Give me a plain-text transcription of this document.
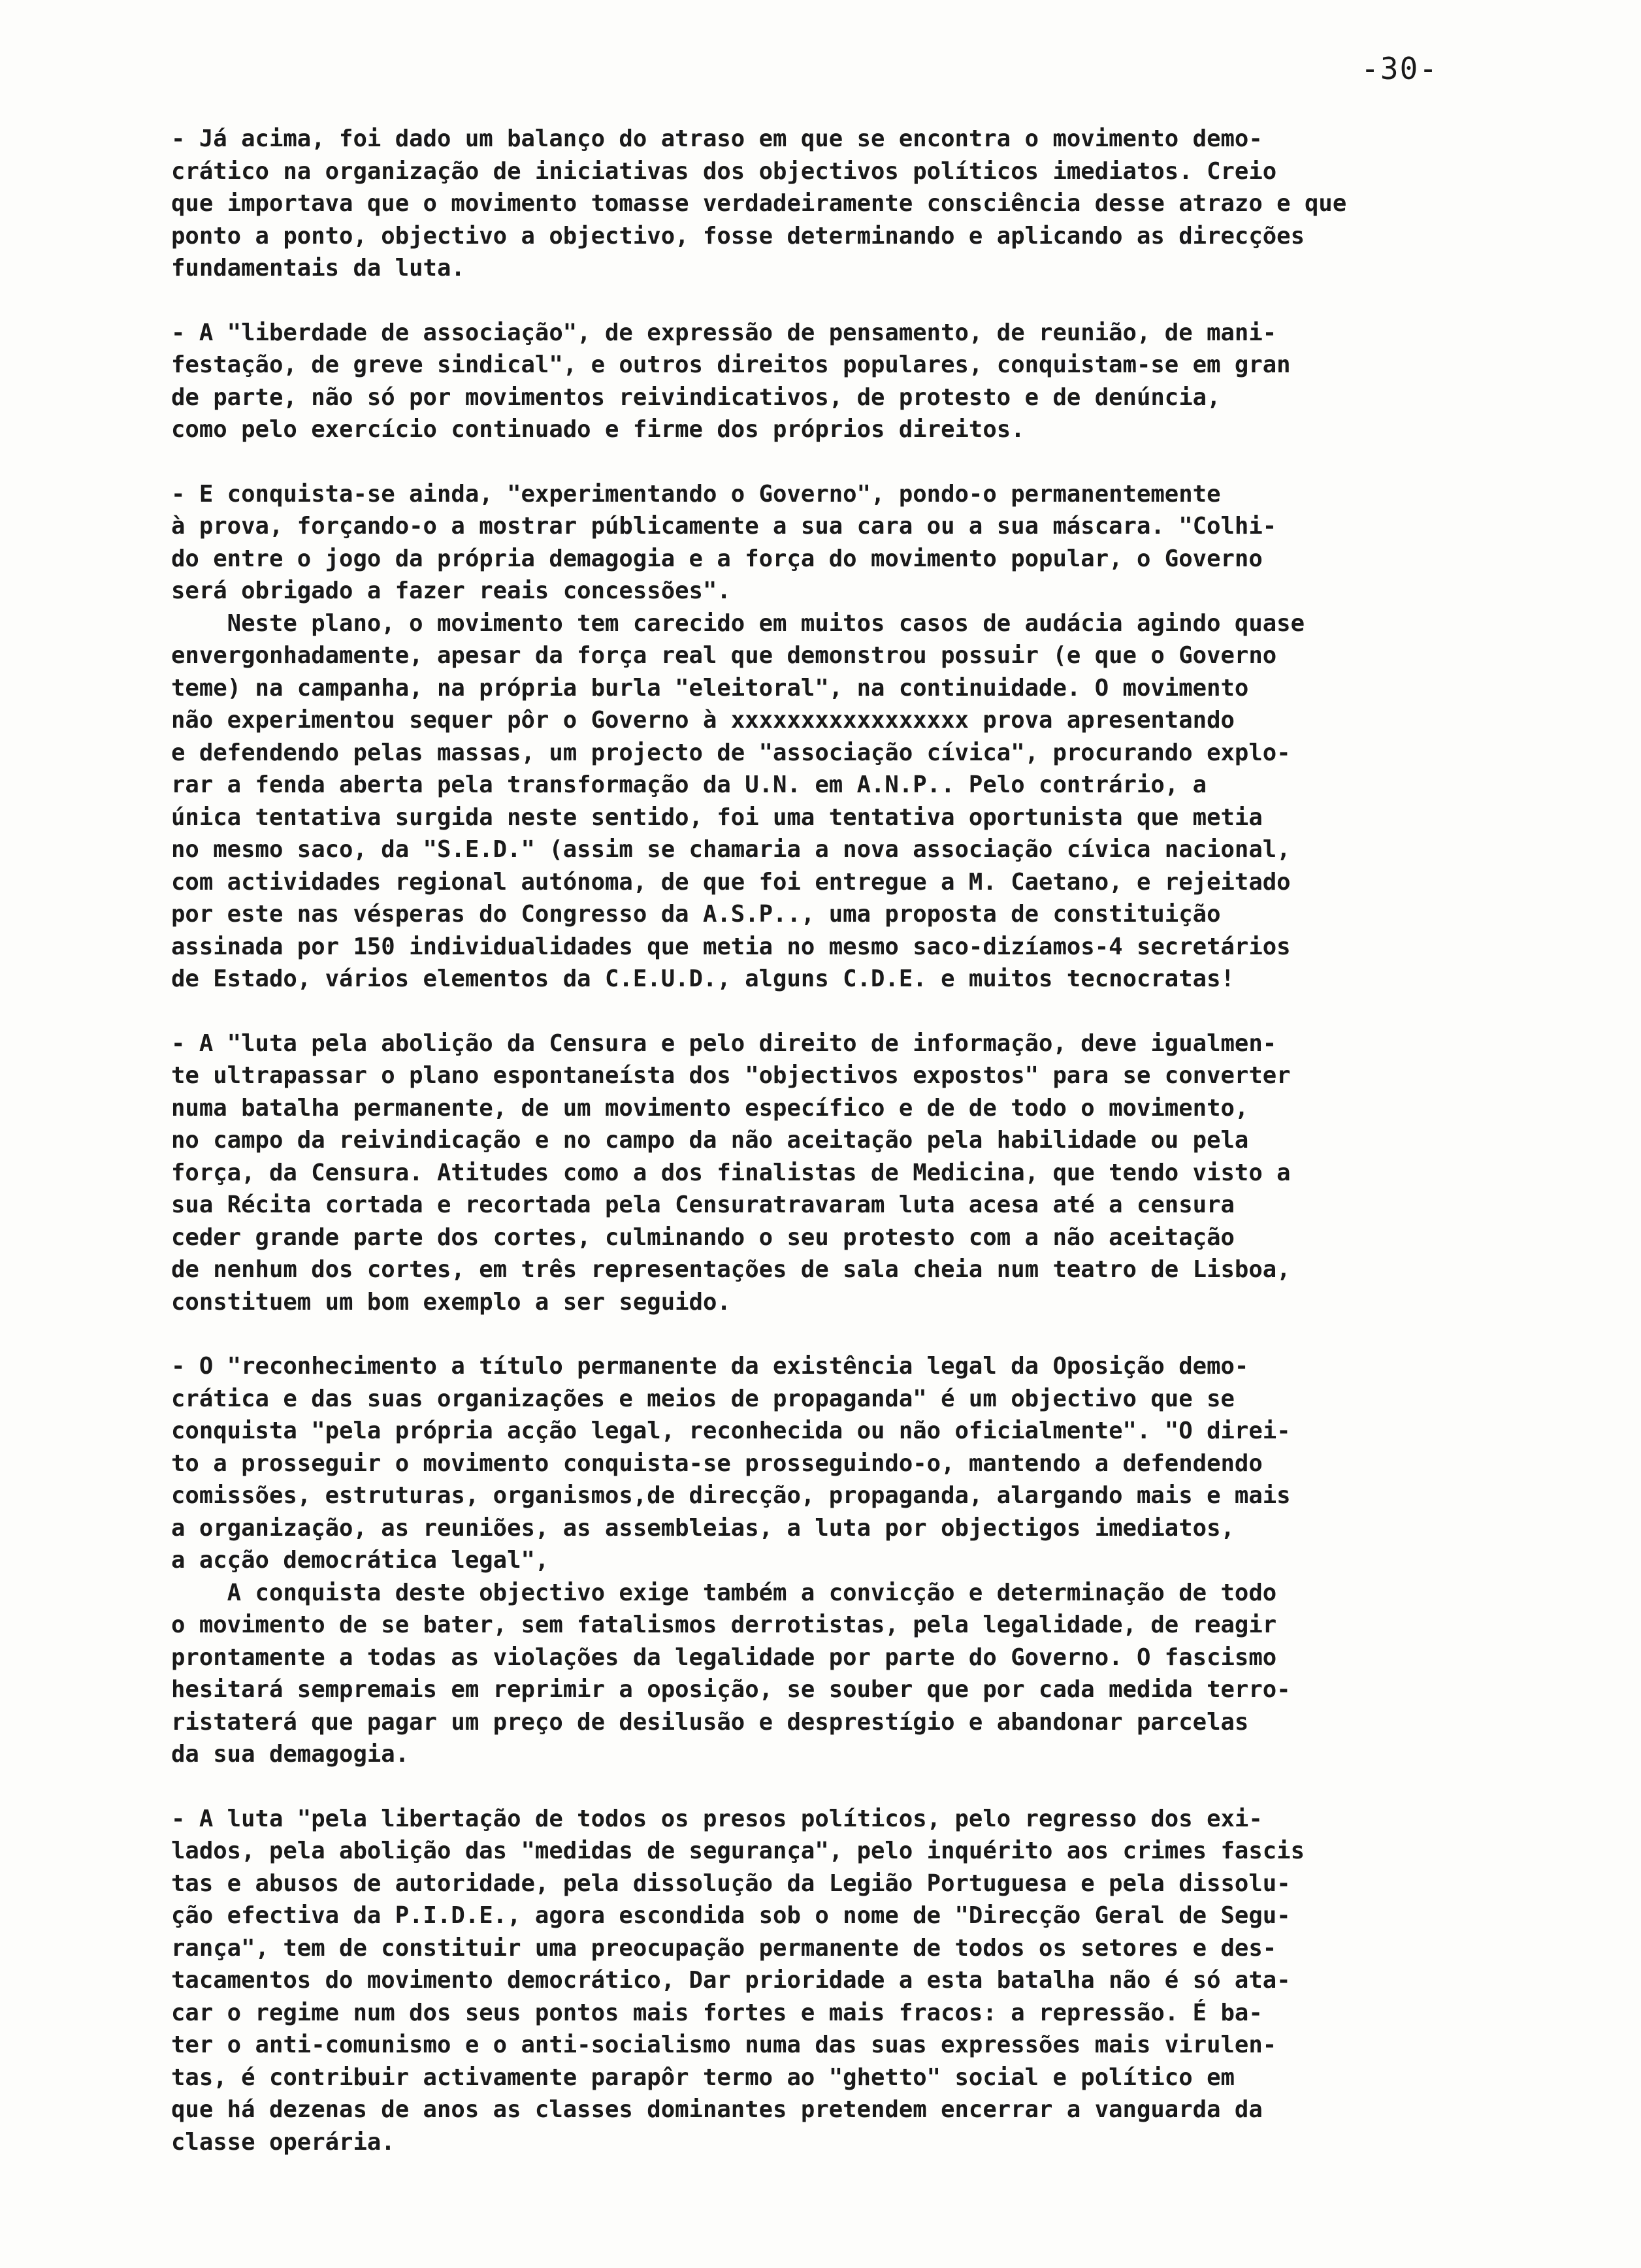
-30-
- Já acima, foi dado um balanço do atraso em que se encontra o movimento demo-
crático na organização de iniciativas dos objectivos políticos imediatos. Creio
que importava que o movimento tomasse verdadeiramente consciência desse atrazo e que
ponto a ponto, objectivo a objectivo, fosse determinando e aplicando as direcções
fundamentais da luta.
- A "liberdade de associação", de expressão de pensamento, de reunião, de mani-
festação, de greve sindical", e outros direitos populares, conquistam-se em gran
de parte, não só por movimentos reivindicativos, de protesto e de denúncia,
como pelo exercício continuado e firme dos próprios direitos.
- E conquista-se ainda, "experimentando o Governo", pondo-o permanentemente
à prova, forçando-o a mostrar públicamente a sua cara ou a sua máscara. "Colhi-
do entre o jogo da própria demagogia e a força do movimento popular, o Governo
será obrigado a fazer reais concessões".
Neste plano, o movimento tem carecido em muitos casos de audácia agindo quase
envergonhadamente, apesar da força real que demonstrou possuir (e que o Governo
teme) na campanha, na própria burla "eleitoral", na continuidade. O movimento
não experimentou sequer pôr o Governo à xxxxxxxxxxxxxxxxx prova apresentando
e defendendo pelas massas, um projecto de "associação cívica", procurando explo-
rar a fenda aberta pela transformação da U.N. em A.N.P.. Pelo contrário, a
única tentativa surgida neste sentido, foi uma tentativa oportunista que metia
no mesmo saco, da "S.E.D." (assim se chamaria a nova associação cívica nacional,
com actividades regional autónoma, de que foi entregue a M. Caetano, e rejeitado
por este nas vésperas do Congresso da A.S.P.., uma proposta de constituição
assinada por 150 individualidades que metia no mesmo saco-dizíamos-4 secretários
de Estado, vários elementos da C.E.U.D., alguns C.D.E. e muitos tecnocratas!
- A "luta pela abolição da Censura e pelo direito de informação, deve igualmen-
te ultrapassar o plano espontaneísta dos "objectivos expostos" para se converter
numa batalha permanente, de um movimento específico e de de todo o movimento,
no campo da reivindicação e no campo da não aceitação pela habilidade ou pela
força, da Censura. Atitudes como a dos finalistas de Medicina, que tendo visto a
sua Récita cortada e recortada pela Censuratravaram luta acesa até a censura
ceder grande parte dos cortes, culminando o seu protesto com a não aceitação
de nenhum dos cortes, em três representações de sala cheia num teatro de Lisboa,
constituem um bom exemplo a ser seguido.
- O "reconhecimento a título permanente da existência legal da Oposição demo-
crática e das suas organizações e meios de propaganda" é um objectivo que se
conquista "pela própria acção legal, reconhecida ou não oficialmente". "O direi-
to a prosseguir o movimento conquista-se prosseguindo-o, mantendo a defendendo
comissões, estruturas, organismos,de direcção, propaganda, alargando mais e mais
a organização, as reuniões, as assembleias, a luta por objectigos imediatos,
a acção democrática legal",
A conquista deste objectivo exige também a convicção e determinação de todo
o movimento de se bater, sem fatalismos derrotistas, pela legalidade, de reagir
prontamente a todas as violações da legalidade por parte do Governo. O fascismo
hesitará sempremais em reprimir a oposição, se souber que por cada medida terro-
ristaterá que pagar um preço de desilusão e desprestígio e abandonar parcelas
da sua demagogia.
- A luta "pela libertação de todos os presos políticos, pelo regresso dos exi-
lados, pela abolição das "medidas de segurança", pelo inquérito aos crimes fascis
tas e abusos de autoridade, pela dissolução da Legião Portuguesa e pela dissolu-
ção efectiva da P.I.D.E., agora escondida sob o nome de "Direcção Geral de Segu-
rança", tem de constituir uma preocupação permanente de todos os setores e des-
tacamentos do movimento democrático, Dar prioridade a esta batalha não é só ata-
car o regime num dos seus pontos mais fortes e mais fracos: a repressão. É ba-
ter o anti-comunismo e o anti-socialismo numa das suas expressões mais virulen-
tas, é contribuir activamente parapôr termo ao "ghetto" social e político em
que há dezenas de anos as classes dominantes pretendem encerrar a vanguarda da
classe operária.
